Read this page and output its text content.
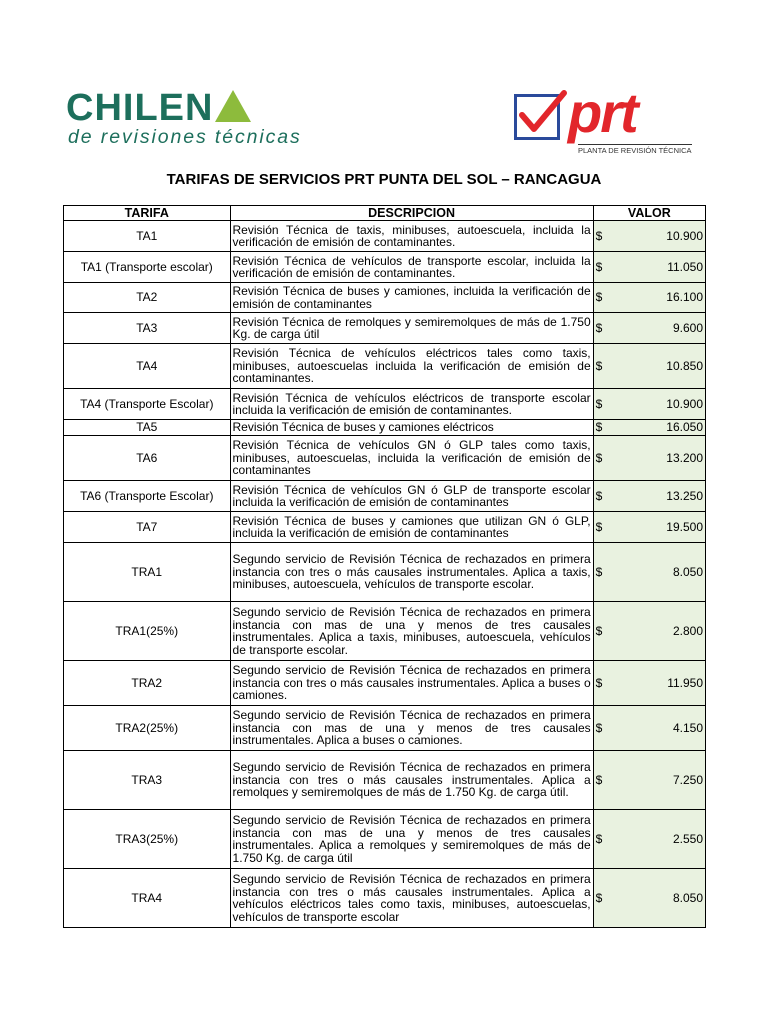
CHILEN
de revisiones técnicas	prt
PLANTA DE REVISIÓN TÉCNICA
TARIFAS DE SERVICIOS PRT PUNTA DEL SOL – RANCAGUA
TARIFA	DESCRIPCION	VALOR
TA1	Revisión Técnica de taxis, minibuses, autoescuela, incluida la verificación de emisión de contaminantes.	$ 10.900

TA1 (Transporte escolar)	Revisión Técnica de vehículos de transporte escolar, incluida la verificación de emisión de contaminantes.	$ 11.050

TA2	Revisión Técnica de buses y camiones, incluida la verificación de emisión de contaminantes	$ 16.100

TA3	Revisión Técnica de remolques y semiremolques de más de 1.750 Kg. de carga útil	$ 9.600

TA4	Revisión Técnica de vehículos eléctricos tales como taxis, minibuses, autoescuelas incluida la verificación de emisión de contaminantes.	$ 10.850

TA4 (Transporte Escolar)	Revisión Técnica de vehículos eléctricos de transporte escolar incluida la verificación de emisión de contaminantes.	$ 10.900

TA5	Revisión Técnica de buses y camiones eléctricos	$ 16.050

TA6	Revisión Técnica de vehículos GN ó GLP tales como taxis, minibuses, autoescuelas, incluida la verificación de emisión de contaminantes	$ 13.200

TA6 (Transporte Escolar)	Revisión Técnica de vehículos GN ó GLP de transporte escolar incluida la verificación de emisión de contaminantes	$ 13.250

TA7	Revisión Técnica de buses y camiones que utilizan GN ó GLP, incluida la verificación de emisión de contaminantes	$ 19.500

TRA1	Segundo servicio de Revisión Técnica de rechazados en primera instancia con tres o más causales instrumentales. Aplica a taxis, minibuses, autoescuela, vehículos de transporte escolar.	$ 8.050

TRA1(25%)	Segundo servicio de Revisión Técnica de rechazados en primera instancia con mas de una y menos de tres causales instrumentales. Aplica a taxis, minibuses, autoescuela, vehículos de transporte escolar.	$ 2.800

TRA2	Segundo servicio de Revisión Técnica de rechazados en primera instancia con tres o más causales instrumentales. Aplica a buses o camiones.	$ 11.950

TRA2(25%)	Segundo servicio de Revisión Técnica de rechazados en primera instancia con mas de una y menos de tres causales instrumentales. Aplica a buses o camiones.	$ 4.150

TRA3	Segundo servicio de Revisión Técnica de rechazados en primera instancia con tres o más causales instrumentales. Aplica a remolques y semiremolques de más de 1.750 Kg. de carga útil.	$ 7.250

TRA3(25%)	Segundo servicio de Revisión Técnica de rechazados en primera instancia con mas de una y menos de tres causales instrumentales. Aplica a remolques y semiremolques de más de 1.750 Kg. de carga útil	$ 2.550

TRA4	Segundo servicio de Revisión Técnica de rechazados en primera instancia con tres o más causales instrumentales. Aplica a vehículos eléctricos tales como taxis, minibuses, autoescuelas, vehículos de transporte escolar	$ 8.050
